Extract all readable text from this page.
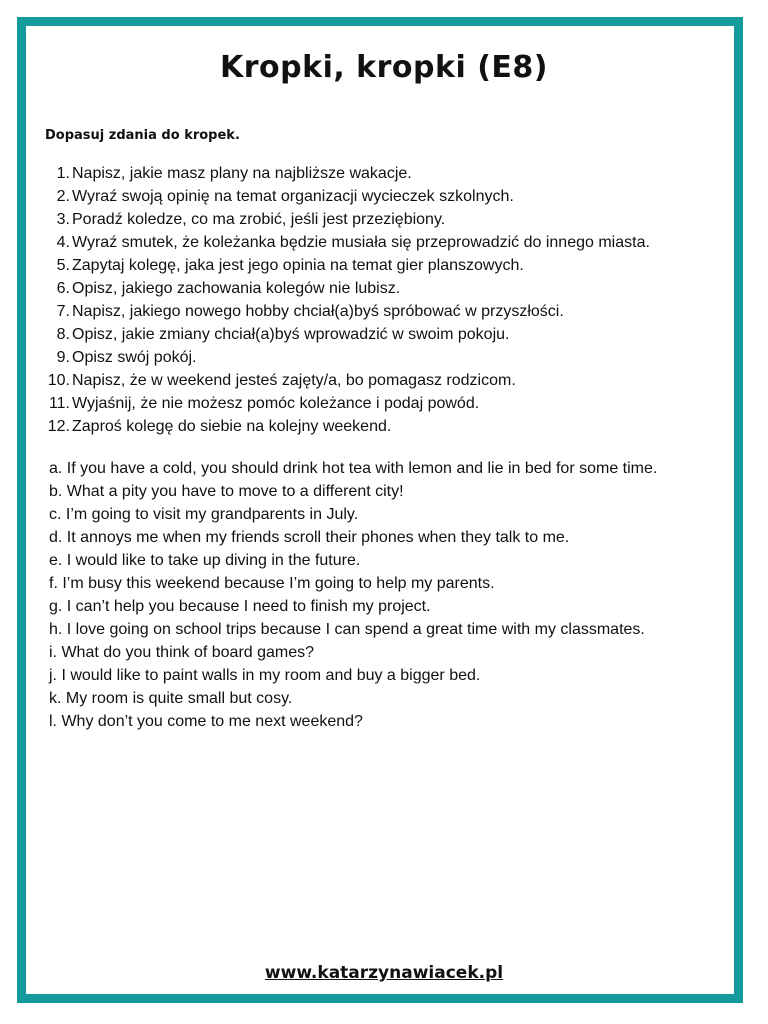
Kropki, kropki (E8)
Dopasuj zdania do kropek.
1. Napisz, jakie masz plany na najbliższe wakacje.
2. Wyraź swoją opinię na temat organizacji wycieczek szkolnych.
3. Poradź koledze, co ma zrobić, jeśli jest przeziębiony.
4. Wyraź smutek, że koleżanka będzie musiała się przeprowadzić do innego miasta.
5. Zapytaj kolegę, jaka jest jego opinia na temat gier planszowych.
6. Opisz, jakiego zachowania kolegów nie lubisz.
7. Napisz, jakiego nowego hobby chciał(a)byś spróbować w przyszłości.
8. Opisz, jakie zmiany chciał(a)byś wprowadzić w swoim pokoju.
9. Opisz swój pokój.
10. Napisz, że w weekend jesteś zajęty/a, bo pomagasz rodzicom.
11. Wyjaśnij, że nie możesz pomóc koleżance i podaj powód.
12. Zaproś kolegę do siebie na kolejny weekend.
a. If you have a cold, you should drink hot tea with lemon and lie in bed for some time.
b. What a pity you have to move to a different city!
c. I’m going to visit my grandparents in July.
d. It annoys me when my friends scroll their phones when they talk to me.
e. I would like to take up diving in the future.
f. I’m busy this weekend because I’m going to help my parents.
g. I can’t help you because I need to finish my project.
h. I love going on school trips because I can spend a great time with my classmates.
i. What do you think of board games?
j. I would like to paint walls in my room and buy a bigger bed.
k. My room is quite small but cosy.
l. Why don’t you come to me next weekend?
www.katarzynawiacek.pl
